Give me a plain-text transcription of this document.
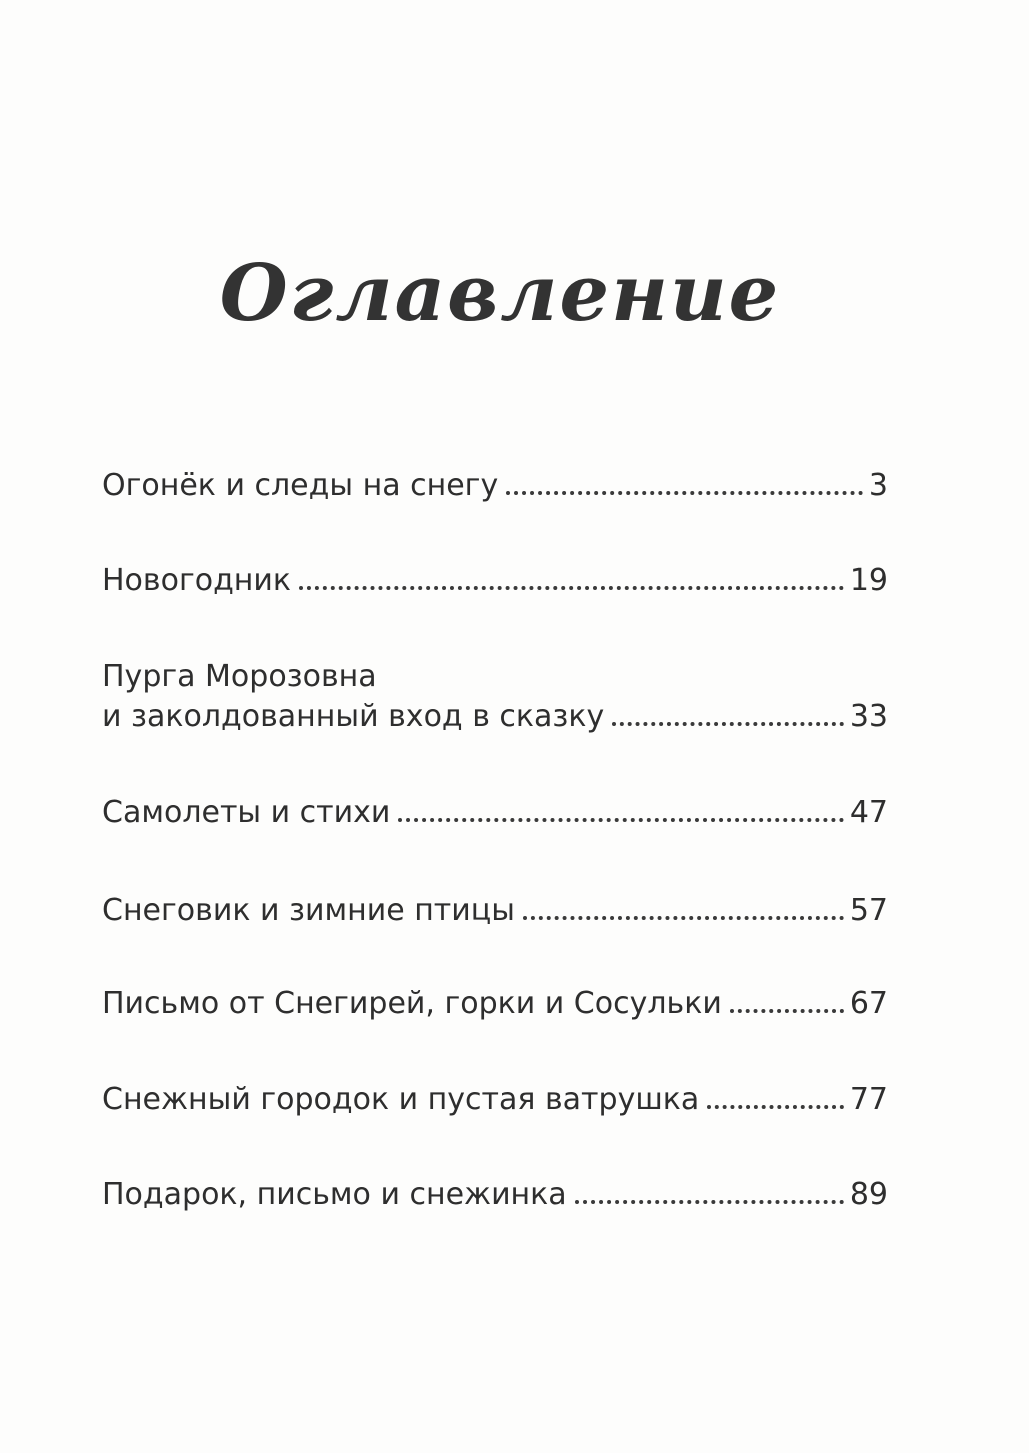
Оглавление
Огонёк и следы на снегу	3
Новогодник	19
Пурга Морозовна
и заколдованный вход в сказку	33
Самолеты и стихи	47
Снеговик и зимние птицы	57
Письмо от Снегирей, горки и Сосульки	67
Снежный городок и пустая ватрушка	77
Подарок, письмо и снежинка	89
